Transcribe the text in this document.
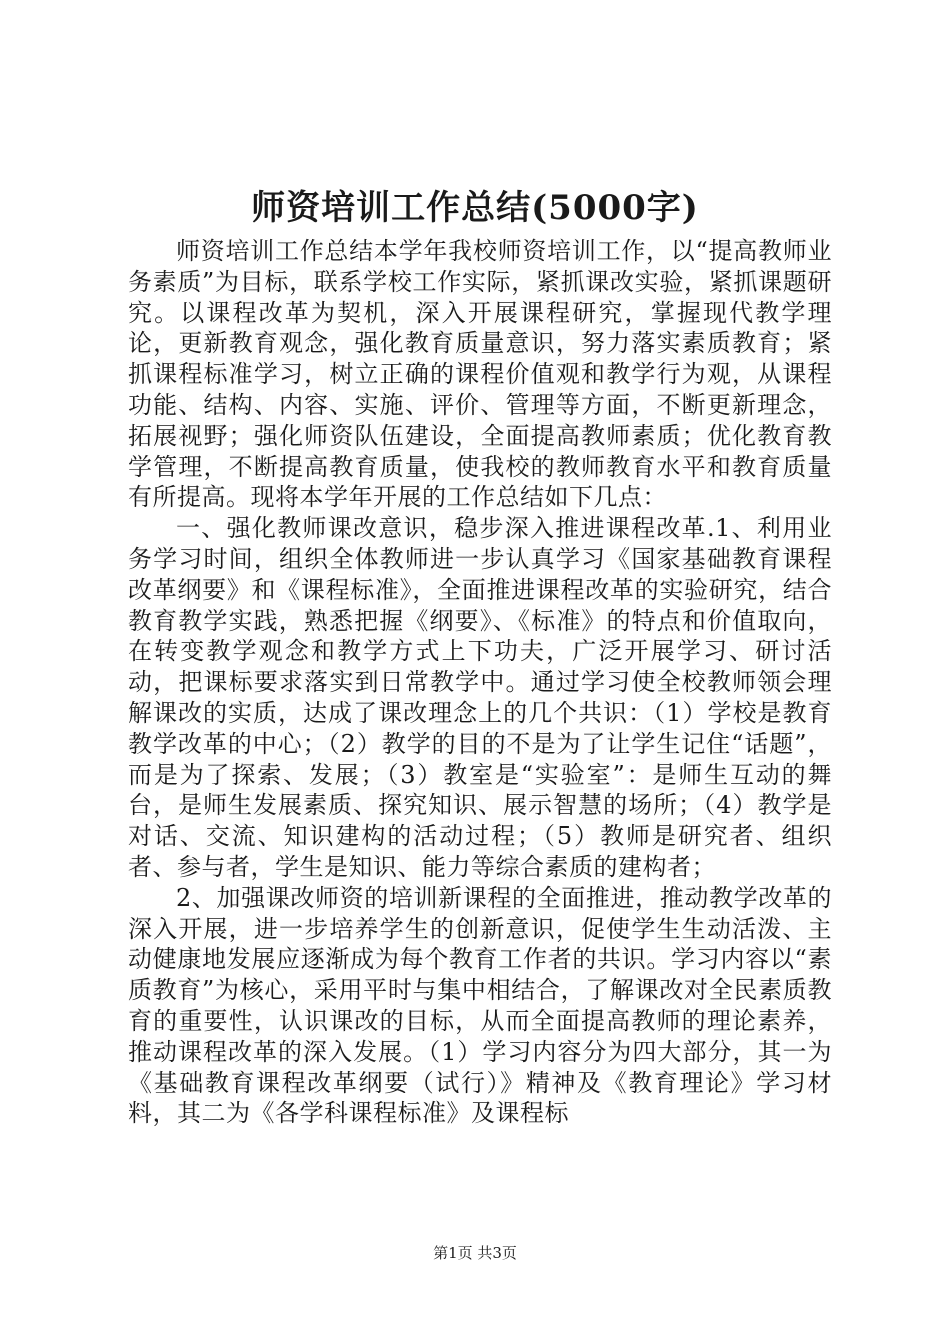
师资培训工作总结(5000字)

师资培训工作总结本学年我校师资培训工作，以“提高教师业务素质”为目标，联系学校工作实际，紧抓课改实验，紧抓课题研究。以课程改革为契机，深入开展课程研究，掌握现代教学理论，更新教育观念，强化教育质量意识，努力落实素质教育；紧抓课程标准学习，树立正确的课程价值观和教学行为观，从课程功能、结构、内容、实施、评价、管理等方面，不断更新理念，拓展视野；强化师资队伍建设，全面提高教师素质；优化教育教学管理，不断提高教育质量，使我校的教师教育水平和教育质量有所提高。现将本学年开展的工作总结如下几点：

一、强化教师课改意识，稳步深入推进课程改革.1、利用业务学习时间，组织全体教师进一步认真学习《国家基础教育课程改革纲要》和《课程标准》，全面推进课程改革的实验研究，结合教育教学实践，熟悉把握《纲要》、《标准》的特点和价值取向，在转变教学观念和教学方式上下功夫，广泛开展学习、研讨活动，把课标要求落实到日常教学中。通过学习使全校教师领会理解课改的实质，达成了课改理念上的几个共识：（1）学校是教育教学改革的中心；（2）教学的目的不是为了让学生记住“话题”，而是为了探索、发展；（3）教室是“实验室”：是师生互动的舞台，是师生发展素质、探究知识、展示智慧的场所；（4）教学是对话、交流、知识建构的活动过程；（5）教师是研究者、组织者、参与者，学生是知识、能力等综合素质的建构者；

2、加强课改师资的培训新课程的全面推进，推动教学改革的深入开展，进一步培养学生的创新意识，促使学生生动活泼、主动健康地发展应逐渐成为每个教育工作者的共识。学习内容以“素质教育”为核心，采用平时与集中相结合，了解课改对全民素质教育的重要性，认识课改的目标，从而全面提高教师的理论素养，推动课程改革的深入发展。（1）学习内容分为四大部分，其一为《基础教育课程改革纲要（试行）》精神及《教育理论》学习材料，其二为《各学科课程标准》及课程标

第1页 共3页
